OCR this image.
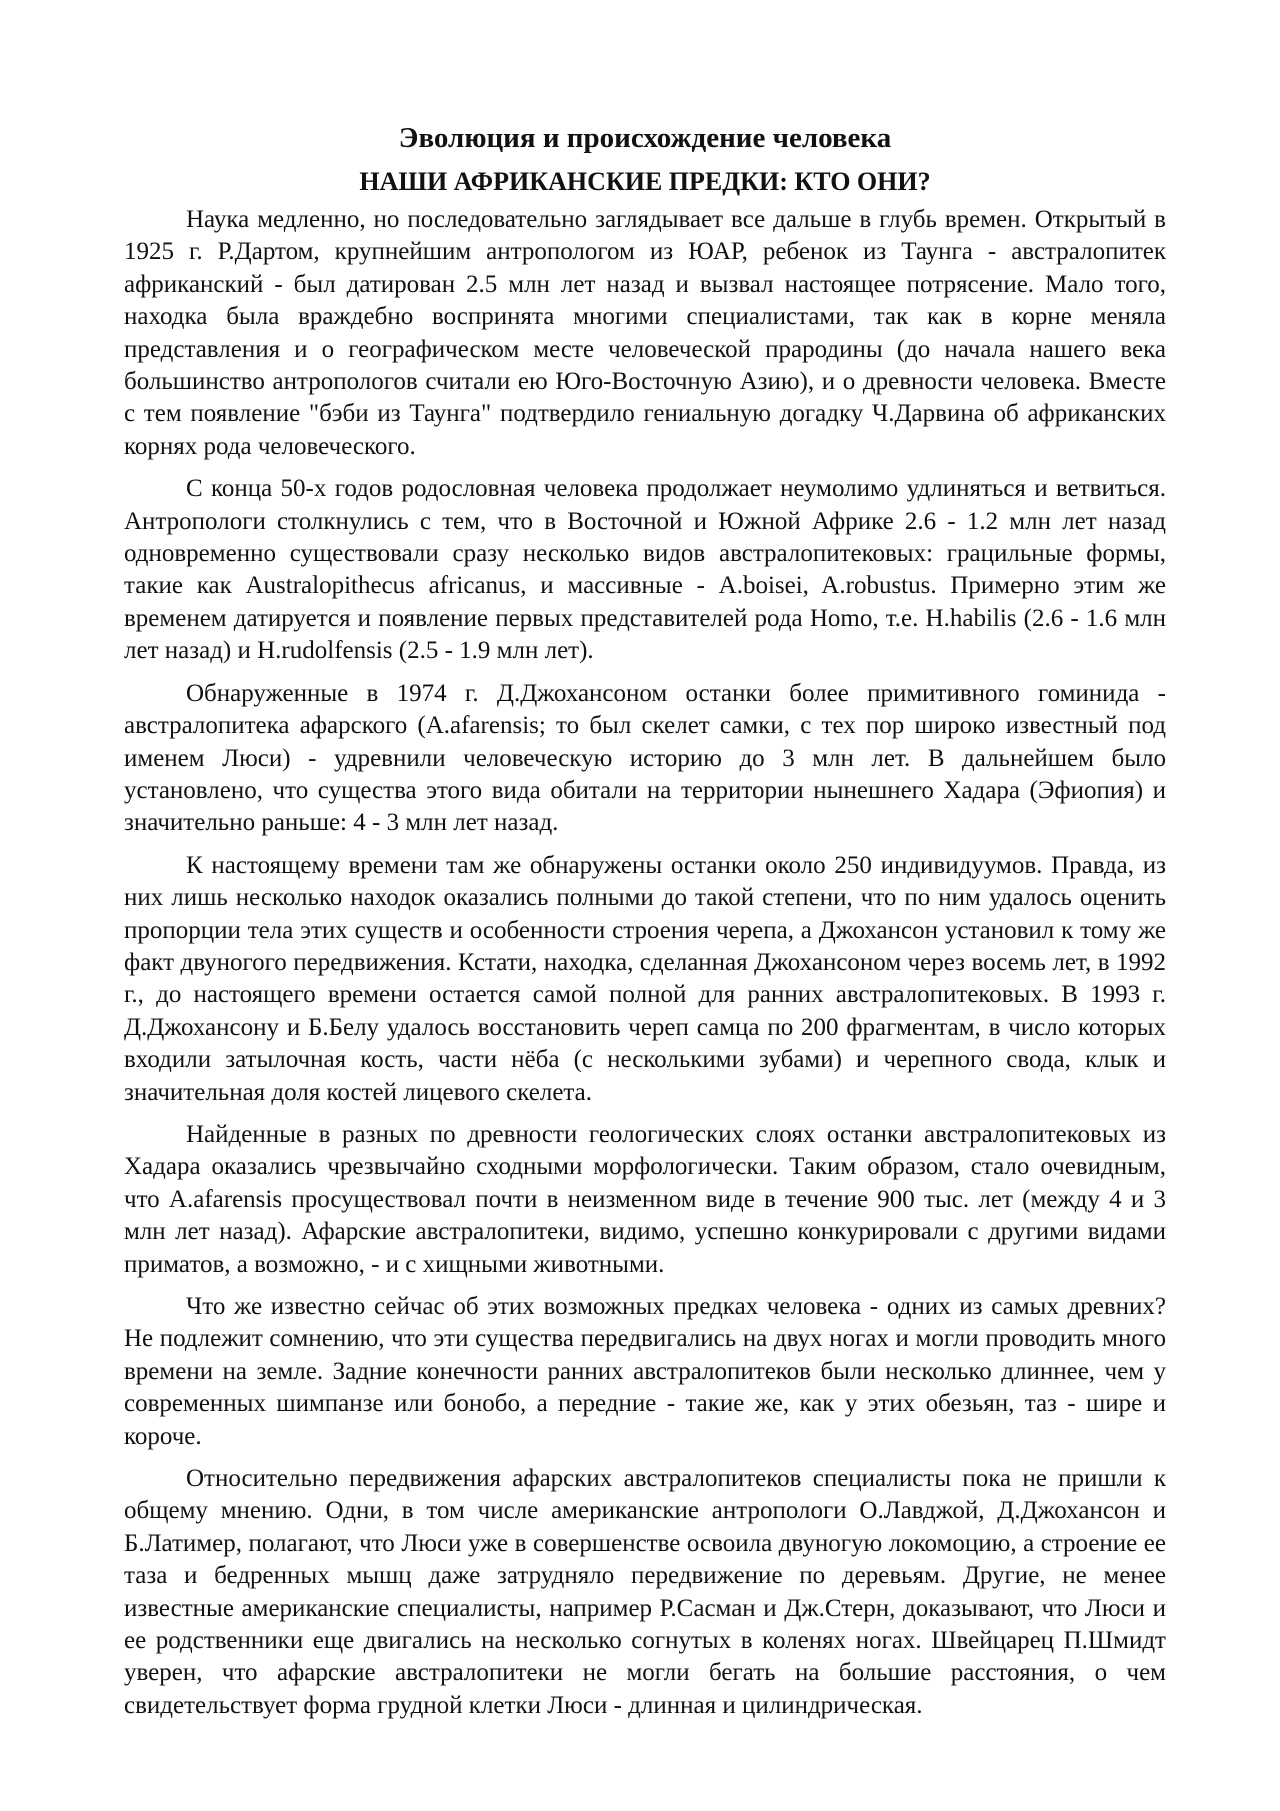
Эволюция и происхождение человека
НАШИ АФРИКАНСКИЕ ПРЕДКИ: КТО ОНИ?

Наука медленно, но последовательно заглядывает все дальше в глубь времен. Открытый в 1925 г. Р.Дартом, крупнейшим антропологом из ЮАР, ребенок из Таунга - австралопитек африканский - был датирован 2.5 млн лет назад и вызвал настоящее потрясение. Мало того, находка была враждебно воспринята многими специалистами, так как в корне меняла представления и о географическом месте человеческой прародины (до начала нашего века большинство антропологов считали ею Юго-Восточную Азию), и о древности человека. Вместе с тем появление "бэби из Таунга" подтвердило гениальную догадку Ч.Дарвина об африканских корнях рода человеческого.

С конца 50-х годов родословная человека продолжает неумолимо удлиняться и ветвиться. Антропологи столкнулись с тем, что в Восточной и Южной Африке 2.6 - 1.2 млн лет назад одновременно существовали сразу несколько видов австралопитековых: грацильные формы, такие как Australopithecus africanus, и массивные - A.boisei, A.robustus. Примерно этим же временем датируется и появление первых представителей рода Homo, т.е. H.habilis (2.6 - 1.6 млн лет назад) и H.rudolfensis (2.5 - 1.9 млн лет).

Обнаруженные в 1974 г. Д.Джохансоном останки более примитивного гоминида - австралопитека афарского (A.afarensis; то был скелет самки, с тех пор широко известный под именем Люси) - удревнили человеческую историю до 3 млн лет. В дальнейшем было установлено, что существа этого вида обитали на территории нынешнего Хадара (Эфиопия) и значительно раньше: 4 - 3 млн лет назад.

К настоящему времени там же обнаружены останки около 250 индивидуумов. Правда, из них лишь несколько находок оказались полными до такой степени, что по ним удалось оценить пропорции тела этих существ и особенности строения черепа, а Джохансон установил к тому же факт двуногого передвижения. Кстати, находка, сделанная Джохансоном через восемь лет, в 1992 г., до настоящего времени остается самой полной для ранних австралопитековых. В 1993 г. Д.Джохансону и Б.Белу удалось восстановить череп самца по 200 фрагментам, в число которых входили затылочная кость, части нёба (с несколькими зубами) и черепного свода, клык и значительная доля костей лицевого скелета.

Найденные в разных по древности геологических слоях останки австралопитековых из Хадара оказались чрезвычайно сходными морфологически. Таким образом, стало очевидным, что A.afarensis просуществовал почти в неизменном виде в течение 900 тыс. лет (между 4 и 3 млн лет назад). Афарские австралопитеки, видимо, успешно конкурировали с другими видами приматов, а возможно, - и с хищными животными.

Что же известно сейчас об этих возможных предках человека - одних из самых древних? Не подлежит сомнению, что эти существа передвигались на двух ногах и могли проводить много времени на земле. Задние конечности ранних австралопитеков были несколько длиннее, чем у современных шимпанзе или бонобо, а передние - такие же, как у этих обезьян, таз - шире и короче.

Относительно передвижения афарских австралопитеков специалисты пока не пришли к общему мнению. Одни, в том числе американские антропологи О.Лавджой, Д.Джохансон и Б.Латимер, полагают, что Люси уже в совершенстве освоила двуногую локомоцию, а строение ее таза и бедренных мышц даже затрудняло передвижение по деревьям. Другие, не менее известные американские специалисты, например Р.Сасман и Дж.Стерн, доказывают, что Люси и ее родственники еще двигались на несколько согнутых в коленях ногах. Швейцарец П.Шмидт уверен, что афарские австралопитеки не могли бегать на большие расстояния, о чем свидетельствует форма грудной клетки Люси - длинная и цилиндрическая.
